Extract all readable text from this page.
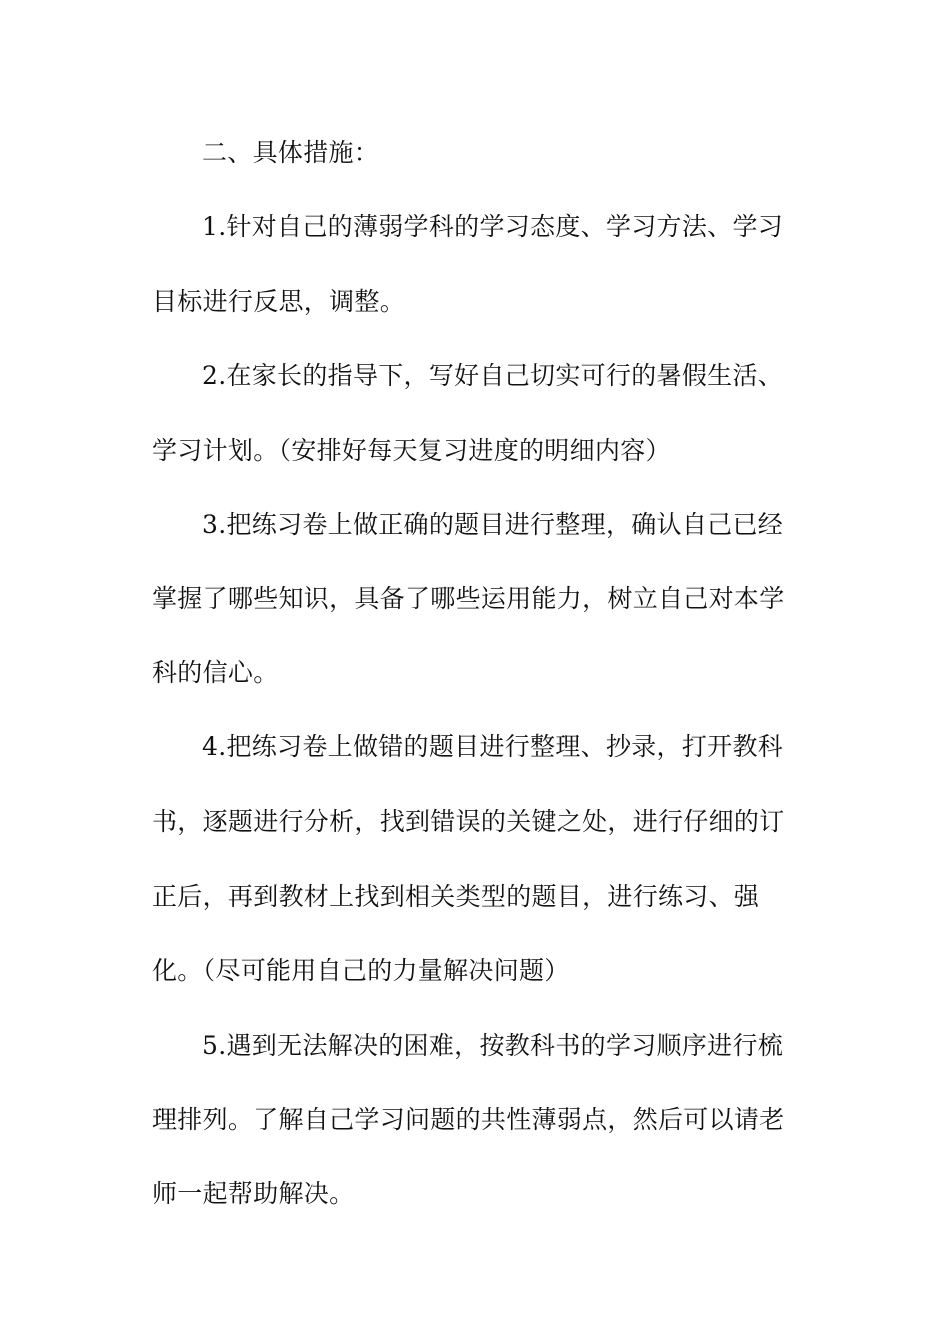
二、具体措施：
1.针对自己的薄弱学科的学习态度、学习方法、学习
目标进行反思，调整。
2.在家长的指导下，写好自己切实可行的暑假生活、
学习计划。（安排好每天复习进度的明细内容）
3.把练习卷上做正确的题目进行整理，确认自己已经
掌握了哪些知识，具备了哪些运用能力，树立自己对本学
科的信心。
4.把练习卷上做错的题目进行整理、抄录，打开教科
书，逐题进行分析，找到错误的关键之处，进行仔细的订
正后，再到教材上找到相关类型的题目，进行练习、强
化。（尽可能用自己的力量解决问题）
5.遇到无法解决的困难，按教科书的学习顺序进行梳
理排列。了解自己学习问题的共性薄弱点，然后可以请老
师一起帮助解决。
